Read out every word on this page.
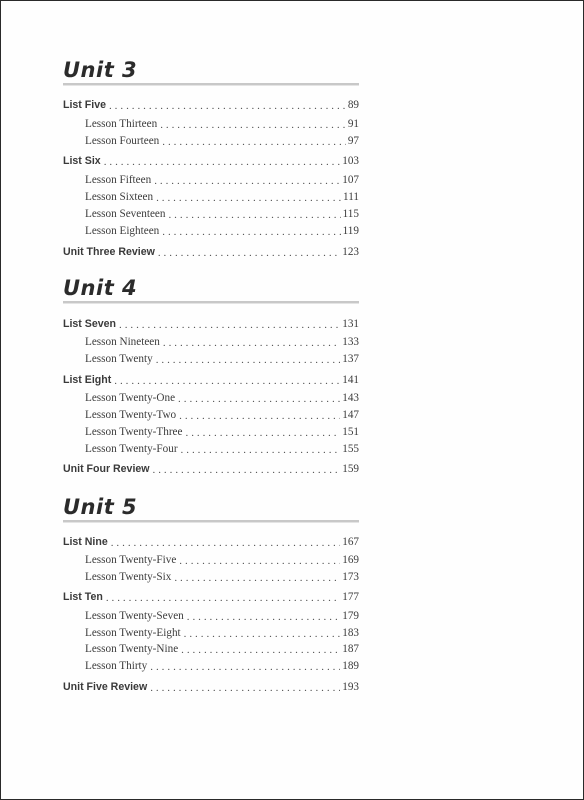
Unit 3
List Five . . .	89
Lesson Thirteen . . .	91
Lesson Fourteen . . .	97
List Six . . .	103
Lesson Fifteen . . .	107
Lesson Sixteen . . .	111
Lesson Seventeen . . .	115
Lesson Eighteen . . .	119
Unit Three Review . . .	123
Unit 4
List Seven . . .	131
Lesson Nineteen . . .	133
Lesson Twenty . . .	137
List Eight . . .	141
Lesson Twenty-One . . .	143
Lesson Twenty-Two . . .	147
Lesson Twenty-Three . . .	151
Lesson Twenty-Four . . .	155
Unit Four Review . . .	159
Unit 5
List Nine . . .	167
Lesson Twenty-Five . . .	169
Lesson Twenty-Six . . .	173
List Ten . . .	177
Lesson Twenty-Seven . . .	179
Lesson Twenty-Eight . . .	183
Lesson Twenty-Nine . . .	187
Lesson Thirty . . .	189
Unit Five Review . . .	193
